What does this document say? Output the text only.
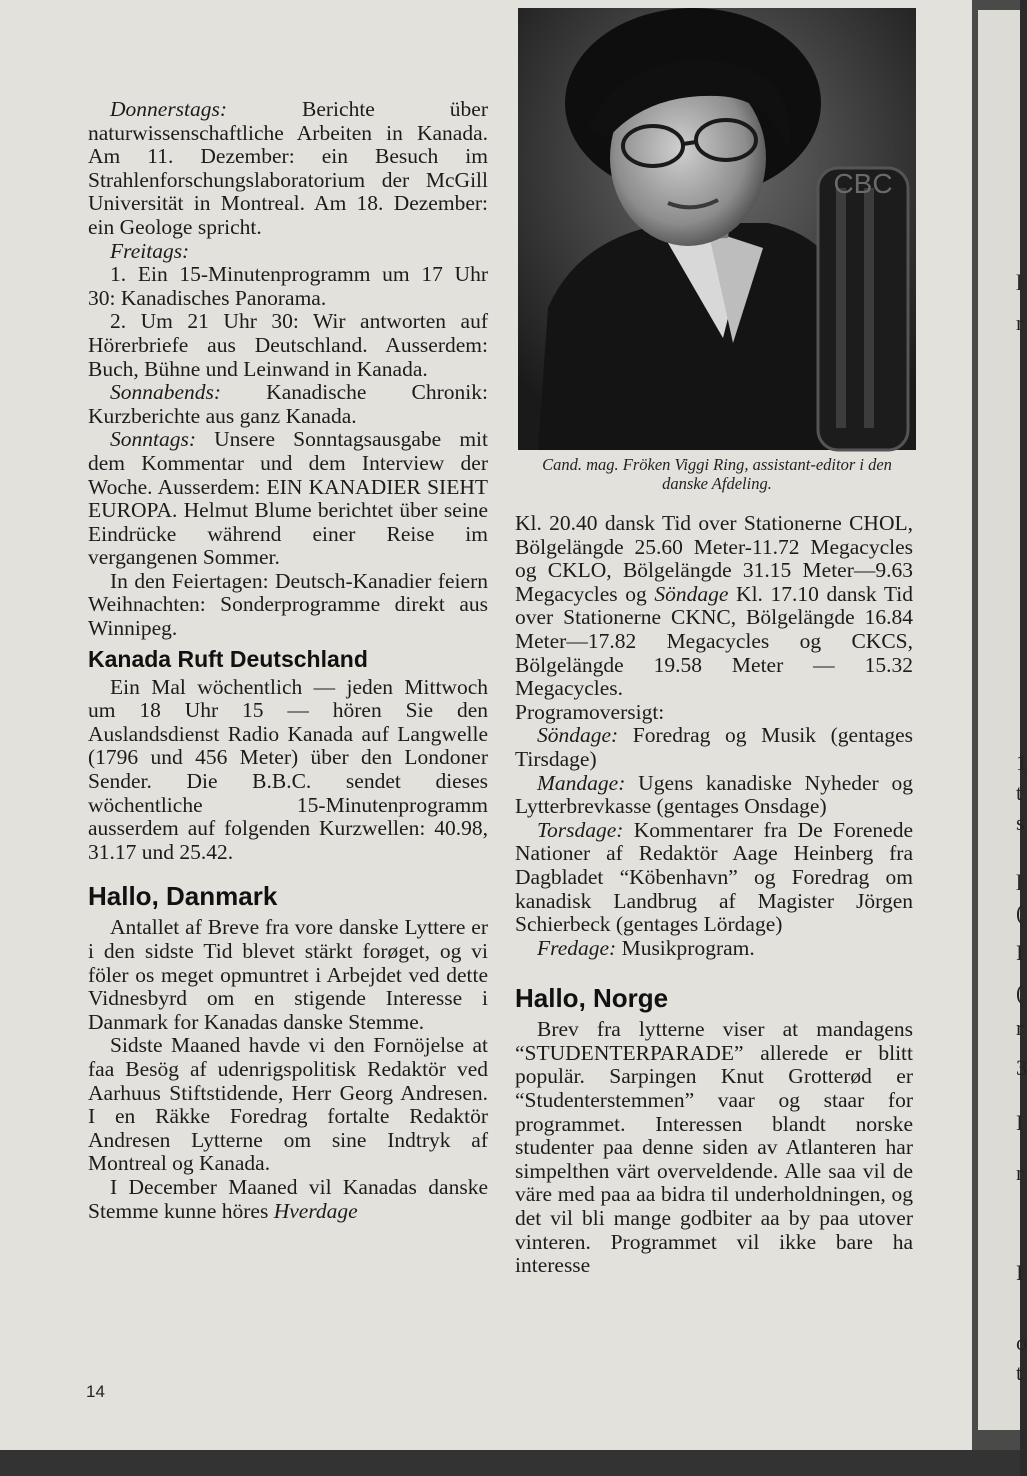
Donnerstags: Berichte über naturwissenschaftliche Arbeiten in Kanada. Am 11. Dezember: ein Besuch im Strahlenforschungslaboratorium der McGill Universität in Montreal. Am 18. Dezember: ein Geologe spricht.

Freitags:

1. Ein 15-Minutenprogramm um 17 Uhr 30: Kanadisches Panorama.

2. Um 21 Uhr 30: Wir antworten auf Hörerbriefe aus Deutschland. Ausserdem: Buch, Bühne und Leinwand in Kanada.

Sonnabends: Kanadische Chronik: Kurzberichte aus ganz Kanada.

Sonntags: Unsere Sonntagsausgabe mit dem Kommentar und dem Interview der Woche. Ausserdem: EIN KANADIER SIEHT EUROPA. Helmut Blume berichtet über seine Eindrücke während einer Reise im vergangenen Sommer.

In den Feiertagen: Deutsch-Kanadier feiern Weihnachten: Sonderprogramme direkt aus Winnipeg.

Kanada Ruft Deutschland

Ein Mal wöchentlich — jeden Mittwoch um 18 Uhr 15 — hören Sie den Auslandsdienst Radio Kanada auf Langwelle (1796 und 456 Meter) über den Londoner Sender. Die B.B.C. sendet dieses wöchentliche 15-Minutenprogramm ausserdem auf folgenden Kurzwellen: 40.98, 31.17 und 25.42.

Hallo, Danmark

Antallet af Breve fra vore danske Lyttere er i den sidste Tid blevet stärkt forøget, og vi föler os meget opmuntret i Arbejdet ved dette Vidnesbyrd om en stigende Interesse i Danmark for Kanadas danske Stemme.

Sidste Maaned havde vi den Fornöjelse at faa Besög af udenrigspolitisk Redaktör ved Aarhuus Stiftstidende, Herr Georg Andresen. I en Räkke Foredrag fortalte Redaktör Andresen Lytterne om sine Indtryk af Montreal og Kanada.

I December Maaned vil Kanadas danske Stemme kunne höres Hverdage

CBC
Cand. mag. Fröken Viggi Ring, assistant-editor i den danske Afdeling.

Kl. 20.40 dansk Tid over Stationerne CHOL, Bölgelängde 25.60 Meter-11.72 Megacycles og CKLO, Bölgelängde 31.15 Meter—9.63 Megacycles og Söndage Kl. 17.10 dansk Tid over Stationerne CKNC, Bölgelängde 16.84 Meter—17.82 Megacycles og CKCS, Bölgelängde 19.58 Meter — 15.32 Megacycles.

Programoversigt:

Söndage: Foredrag og Musik (gentages Tirsdage)

Mandage: Ugens kanadiske Nyheder og Lytterbrevkasse (gentages Onsdage)

Torsdage: Kommentarer fra De Forenede Nationer af Redaktör Aage Heinberg fra Dagbladet “Köbenhavn” og Foredrag om kanadisk Landbrug af Magister Jörgen Schierbeck (gentages Lördage)

Fredage: Musikprogram.

Hallo, Norge

Brev fra lytterne viser at mandagens “STUDENTERPARADE” allerede er blitt populär. Sarpingen Knut Grotterød er “Studenterstemmen” vaar og staar for programmet. Interessen blandt norske studenter paa denne siden av Atlanteren har simpelthen värt overveldende. Alle saa vil de väre med paa aa bidra til underholdningen, og det vil bli mange godbiter aa by paa utover vinteren. Programmet vil ikke bare ha interesse

14
l
r
1
t
s
l
(
I
(
r
3
I
r
I
o
t
